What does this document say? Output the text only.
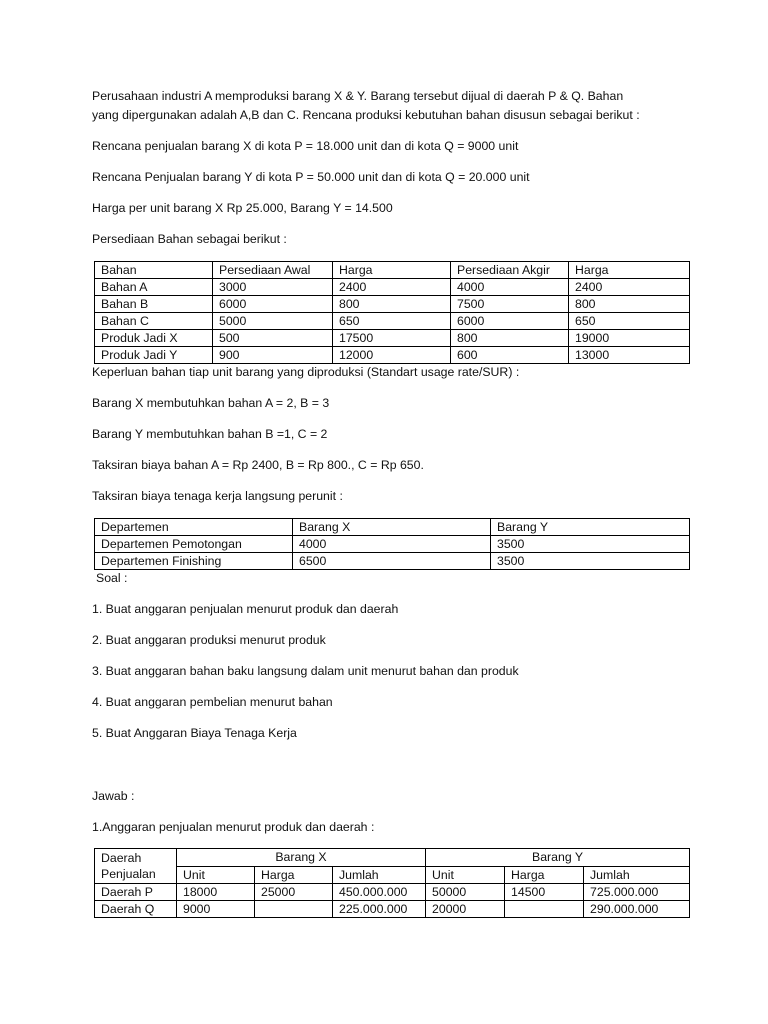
Perusahaan industri A memproduksi barang X & Y. Barang tersebut dijual di daerah P & Q. Bahan

yang dipergunakan adalah A,B dan C. Rencana produksi kebutuhan bahan disusun sebagai berikut :

Rencana penjualan barang X di kota P = 18.000 unit dan di kota Q = 9000 unit

Rencana Penjualan barang Y di kota P = 50.000 unit dan di kota Q = 20.000 unit

Harga per unit barang X Rp 25.000, Barang Y = 14.500

Persediaan Bahan sebagai berikut :

Bahan	Persediaan Awal	Harga	Persediaan Akgir	Harga
Bahan A	3000	2400	4000	2400
Bahan B	6000	800	7500	800
Bahan C	5000	650	6000	650
Produk Jadi X	500	17500	800	19000
Produk Jadi Y	900	12000	600	13000

Keperluan bahan tiap unit barang yang diproduksi (Standart usage rate/SUR) :

Barang X membutuhkan bahan A = 2, B = 3

Barang Y membutuhkan bahan B =1, C = 2

Taksiran biaya bahan A = Rp 2400, B = Rp 800., C = Rp 650.

Taksiran biaya tenaga kerja langsung perunit :

Departemen	Barang X	Barang Y
Departemen Pemotongan	4000	3500
Departemen Finishing	6500	3500

Soal :

1. Buat anggaran penjualan menurut produk dan daerah

2. Buat anggaran produksi menurut produk

3. Buat anggaran bahan baku langsung dalam unit menurut bahan dan produk

4. Buat anggaran pembelian menurut bahan

5. Buat Anggaran Biaya Tenaga Kerja

Jawab :

1.Anggaran penjualan menurut produk dan daerah :

Daerah Penjualan	Barang X			Barang Y		
	Unit	Harga	Jumlah	Unit	Harga	Jumlah
Daerah P	18000	25000	450.000.000	50000	14500	725.000.000
Daerah Q	9000		225.000.000	20000		290.000.000
